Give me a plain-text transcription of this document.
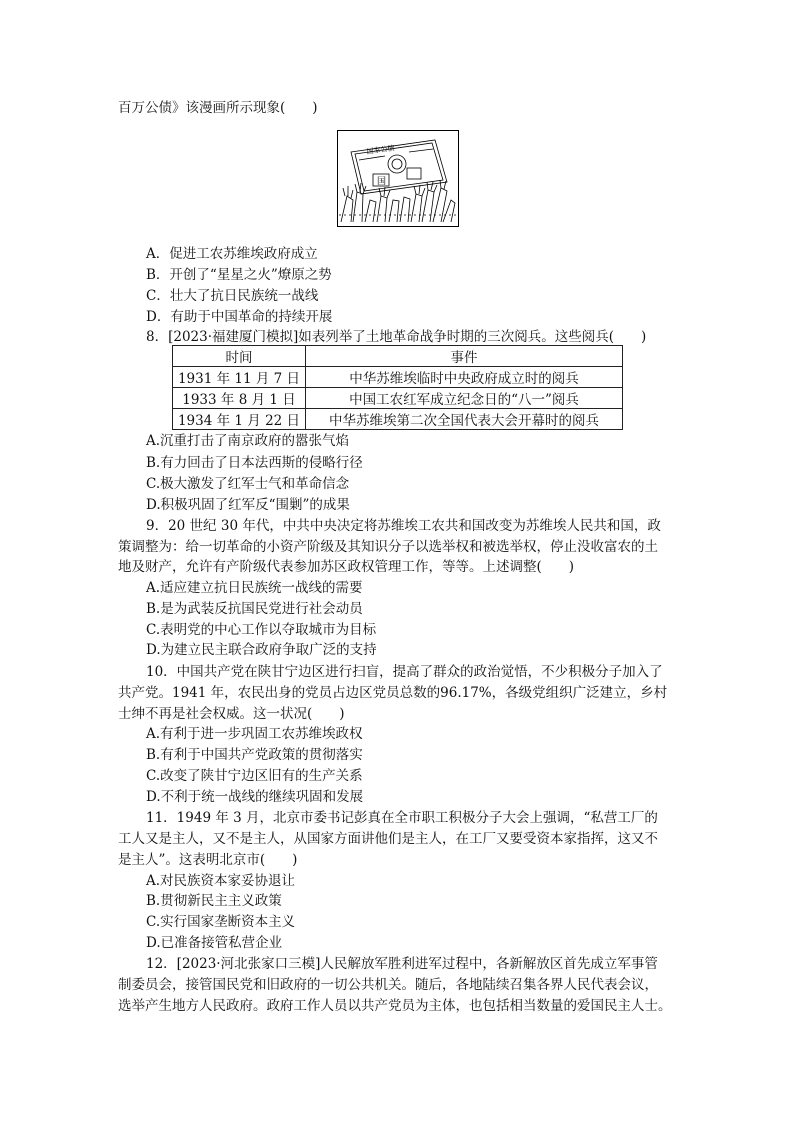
百万公债》该漫画所示现象(　　)
国家公债
国
A．促进工农苏维埃政府成立
B．开创了“星星之火”燎原之势
C．壮大了抗日民族统一战线
D．有助于中国革命的持续开展
8．[2023·福建厦门模拟]如表列举了土地革命战争时期的三次阅兵。这些阅兵(　　)
时间	事件
1931 年 11 月 7 日	中华苏维埃临时中央政府成立时的阅兵
1933 年 8 月 1 日	中国工农红军成立纪念日的“八一”阅兵
1934 年 1 月 22 日	中华苏维埃第二次全国代表大会开幕时的阅兵
A.沉重打击了南京政府的嚣张气焰
B.有力回击了日本法西斯的侵略行径
C.极大激发了红军士气和革命信念
D.积极巩固了红军反“围剿”的成果
9．20 世纪 30 年代，中共中央决定将苏维埃工农共和国改变为苏维埃人民共和国，政
策调整为：给一切革命的小资产阶级及其知识分子以选举权和被选举权，停止没收富农的土
地及财产，允许有产阶级代表参加苏区政权管理工作，等等。上述调整(　　)
A.适应建立抗日民族统一战线的需要
B.是为武装反抗国民党进行社会动员
C.表明党的中心工作以夺取城市为目标
D.为建立民主联合政府争取广泛的支持
10．中国共产党在陕甘宁边区进行扫盲，提高了群众的政治觉悟，不少积极分子加入了
共产党。1941 年，农民出身的党员占边区党员总数的96.17%，各级党组织广泛建立，乡村
士绅不再是社会权威。这一状况(　　)
A.有利于进一步巩固工农苏维埃政权
B.有利于中国共产党政策的贯彻落实
C.改变了陕甘宁边区旧有的生产关系
D.不利于统一战线的继续巩固和发展
11．1949 年 3 月，北京市委书记彭真在全市职工积极分子大会上强调，“私营工厂的
工人又是主人，又不是主人，从国家方面讲他们是主人，在工厂又要受资本家指挥，这又不
是主人”。这表明北京市(　　)
A.对民族资本家妥协退让
B.贯彻新民主主义政策
C.实行国家垄断资本主义
D.已准备接管私营企业
12．[2023·河北张家口三模]人民解放军胜利进军过程中，各新解放区首先成立军事管
制委员会，接管国民党和旧政府的一切公共机关。随后，各地陆续召集各界人民代表会议，
选举产生地方人民政府。政府工作人员以共产党员为主体，也包括相当数量的爱国民主人士。
